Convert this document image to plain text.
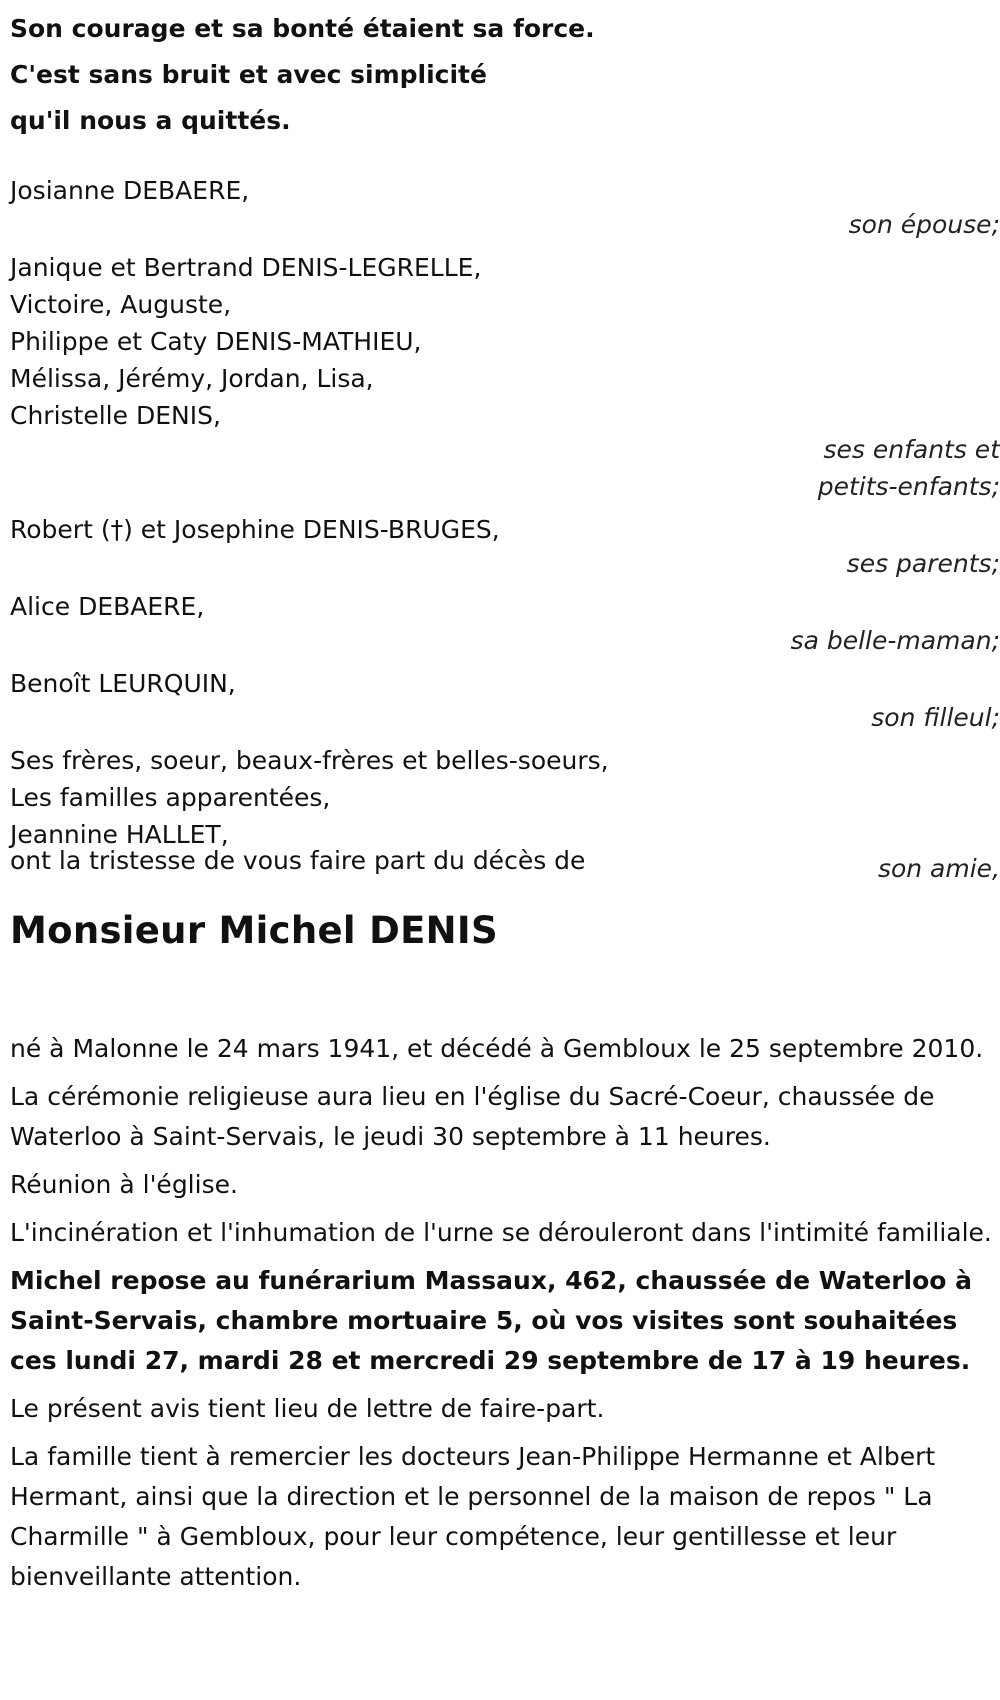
Son courage et sa bonté étaient sa force.
C'est sans bruit et avec simplicité
qu'il nous a quittés.
Josianne DEBAERE,
son épouse;
Janique et Bertrand DENIS-LEGRELLE,
Victoire, Auguste,
Philippe et Caty DENIS-MATHIEU,
Mélissa, Jérémy, Jordan, Lisa,
Christelle DENIS,
ses enfants et
petits-enfants;
Robert (†) et Josephine DENIS-BRUGES,
ses parents;
Alice DEBAERE,
sa belle-maman;
Benoît LEURQUIN,
son filleul;
Ses frères, soeur, beaux-frères et belles-soeurs,
Les familles apparentées,
Jeannine HALLET,
son amie,
ont la tristesse de vous faire part du décès de
Monsieur Michel DENIS

né à Malonne le 24 mars 1941, et décédé à Gembloux le 25 septembre 2010.

La cérémonie religieuse aura lieu en l'église du Sacré-Coeur, chaussée de Waterloo à Saint-Servais, le jeudi 30 septembre à 11 heures.

Réunion à l'église.

L'incinération et l'inhumation de l'urne se dérouleront dans l'intimité familiale.

Michel repose au funérarium Massaux, 462, chaussée de Waterloo à Saint-Servais, chambre mortuaire 5, où vos visites sont souhaitées ces lundi 27, mardi 28 et mercredi 29 septembre de 17 à 19 heures.

Le présent avis tient lieu de lettre de faire-part.

La famille tient à remercier les docteurs Jean-Philippe Hermanne et Albert Hermant, ainsi que la direction et le personnel de la maison de repos " La Charmille " à Gembloux, pour leur compétence, leur gentillesse et leur bienveillante attention.
